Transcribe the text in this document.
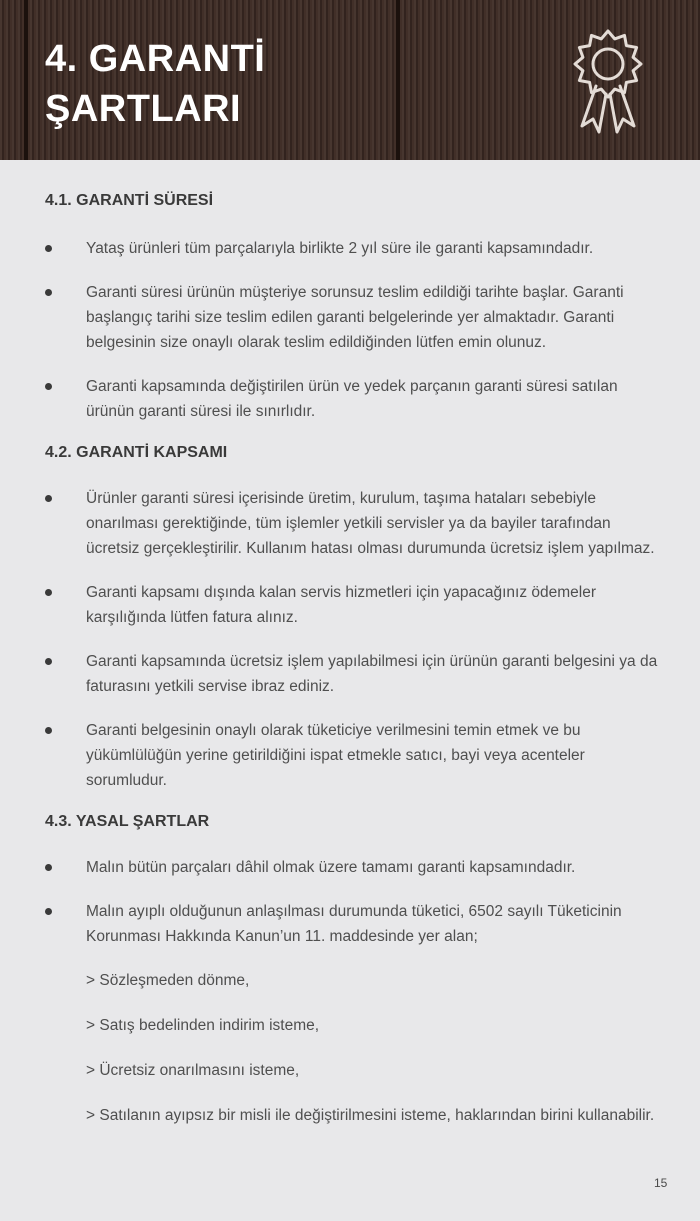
4. GARANTİ
ŞARTLARI
4.1. GARANTİ SÜRESİ
Yataş ürünleri tüm parçalarıyla birlikte 2 yıl süre ile garanti kapsamındadır.
Garanti süresi ürünün müşteriye sorunsuz teslim edildiği tarihte başlar. Garanti başlangıç tarihi size teslim edilen garanti belgelerinde yer almaktadır. Garanti belgesinin size onaylı olarak teslim edildiğinden lütfen emin olunuz.
Garanti kapsamında değiştirilen ürün ve yedek parçanın garanti süresi satılan ürünün garanti süresi ile sınırlıdır.
4.2. GARANTİ KAPSAMI
Ürünler garanti süresi içerisinde üretim, kurulum, taşıma hataları sebebiyle onarılması gerektiğinde, tüm işlemler yetkili servisler ya da bayiler tarafından ücretsiz gerçekleştirilir. Kullanım hatası olması durumunda ücretsiz işlem yapılmaz.
Garanti kapsamı dışında kalan servis hizmetleri için yapacağınız ödemeler karşılığında lütfen fatura alınız.
Garanti kapsamında ücretsiz işlem yapılabilmesi için ürünün garanti belgesini ya da faturasını yetkili servise ibraz ediniz.
Garanti belgesinin onaylı olarak tüketiciye verilmesini temin etmek ve bu yükümlülüğün yerine getirildiğini ispat etmekle satıcı, bayi veya acenteler sorumludur.
4.3. YASAL ŞARTLAR
Malın bütün parçaları dâhil olmak üzere tamamı garanti kapsamındadır.
Malın ayıplı olduğunun anlaşılması durumunda tüketici, 6502 sayılı Tüketicinin Korunması Hakkında Kanun’un 11. maddesinde yer alan;
> Sözleşmeden dönme,
> Satış bedelinden indirim isteme,
> Ücretsiz onarılmasını isteme,
> Satılanın ayıpsız bir misli ile değiştirilmesini isteme, haklarından birini kullanabilir.
15
